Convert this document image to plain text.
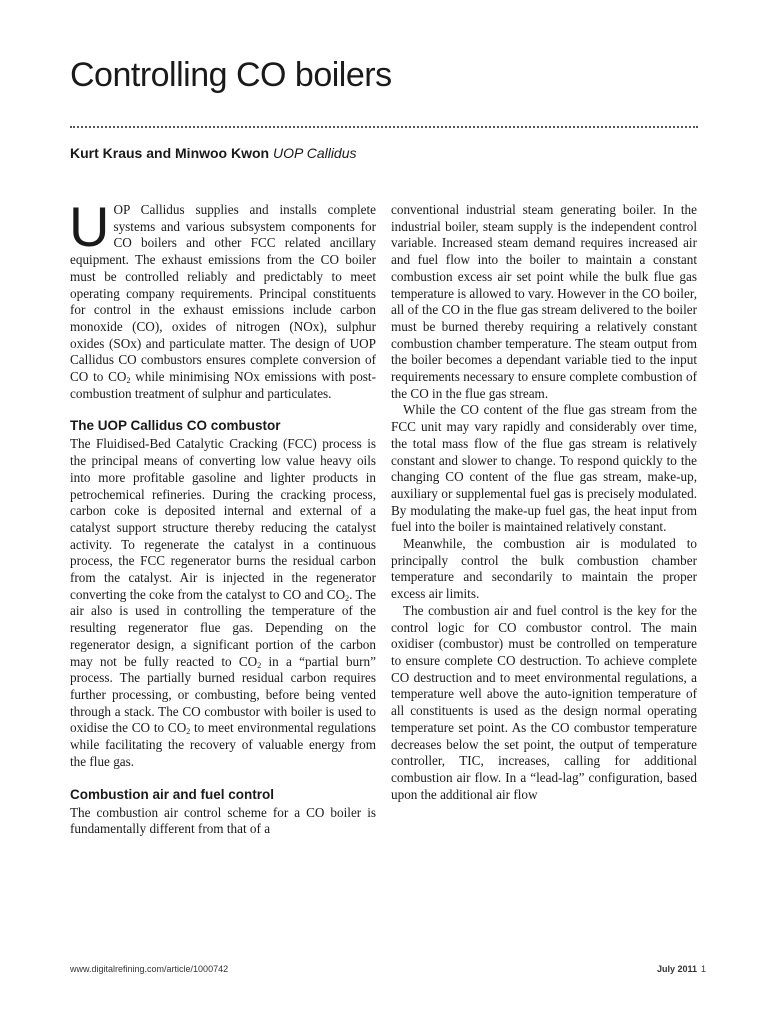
Controlling CO boilers
Kurt Kraus and Minwoo Kwon UOP Callidus

UOP Callidus supplies and installs complete systems and various subsystem components for CO boilers and other FCC related ancillary equipment. The exhaust emissions from the CO boiler must be controlled reliably and predictably to meet operating company requirements. Principal constituents for control in the exhaust emissions include carbon monoxide (CO), oxides of nitrogen (NOx), sulphur oxides (SOx) and particulate matter. The design of UOP Callidus CO combustors ensures complete conversion of CO to $CO_2$ while minimising NOx emissions with post-combustion treatment of sulphur and particulates.

The UOP Callidus CO combustor

The Fluidised-Bed Catalytic Cracking (FCC) process is the principal means of converting low value heavy oils into more profitable gasoline and lighter products in petrochemical refineries. During the cracking process, carbon coke is deposited internal and external of a catalyst support structure thereby reducing the catalyst activity. To regenerate the catalyst in a continuous process, the FCC regenerator burns the residual carbon from the catalyst. Air is injected in the regenerator converting the coke from the catalyst to CO and $CO_2$. The air also is used in controlling the temperature of the resulting regenerator flue gas. Depending on the regenerator design, a significant portion of the carbon may not be fully reacted to $CO_2$ in a “partial burn” process. The partially burned residual carbon requires further processing, or combusting, before being vented through a stack. The CO combustor with boiler is used to oxidise the CO to $CO_2$ to meet environmental regulations while facilitating the recovery of valuable energy from the flue gas.

Combustion air and fuel control

The combustion air control scheme for a CO boiler is fundamentally different from that of a

conventional industrial steam generating boiler. In the industrial boiler, steam supply is the independent control variable. Increased steam demand requires increased air and fuel flow into the boiler to maintain a constant combustion excess air set point while the bulk flue gas temperature is allowed to vary. However in the CO boiler, all of the CO in the flue gas stream delivered to the boiler must be burned thereby requiring a relatively constant combustion chamber temperature. The steam output from the boiler becomes a dependant variable tied to the input requirements necessary to ensure complete combustion of the CO in the flue gas stream.

While the CO content of the flue gas stream from the FCC unit may vary rapidly and considerably over time, the total mass flow of the flue gas stream is relatively constant and slower to change. To respond quickly to the changing CO content of the flue gas stream, make-up, auxiliary or supplemental fuel gas is precisely modulated. By modulating the make-up fuel gas, the heat input from fuel into the boiler is maintained relatively constant.

Meanwhile, the combustion air is modulated to principally control the bulk combustion chamber temperature and secondarily to maintain the proper excess air limits.

The combustion air and fuel control is the key for the control logic for CO combustor control. The main oxidiser (combustor) must be controlled on temperature to ensure complete CO destruction. To achieve complete CO destruction and to meet environmental regulations, a temperature well above the auto-ignition temperature of all constituents is used as the design normal operating temperature set point. As the CO combustor temperature decreases below the set point, the output of temperature controller, TIC, increases, calling for additional combustion air flow. In a “lead-lag” configuration, based upon the additional air flow

www.digitalrefining.com/article/1000742	July 2011 1
